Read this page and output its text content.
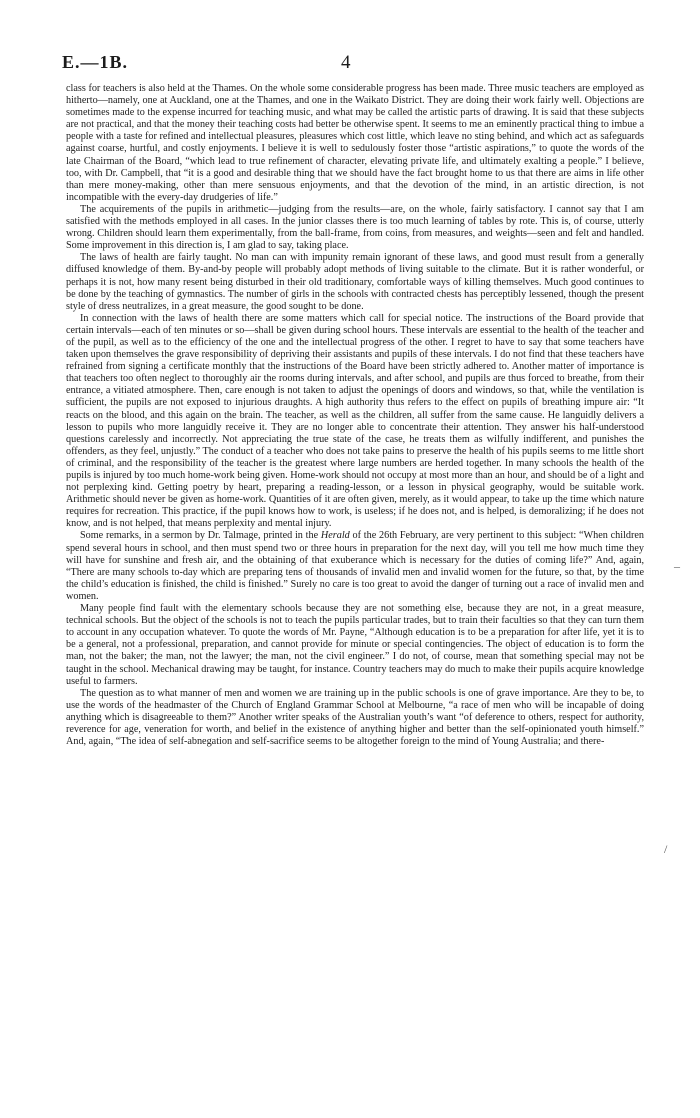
E.—1B.	4

class for teachers is also held at the Thames. On the whole some considerable progress has been made. Three music teachers are employed as hitherto—namely, one at Auckland, one at the Thames, and one in the Waikato District. They are doing their work fairly well. Objections are sometimes made to the expense incurred for teaching music, and what may be called the artistic parts of drawing. It is said that these subjects are not practical, and that the money their teaching costs had better be otherwise spent. It seems to me an eminently practical thing to imbue a people with a taste for refined and intellectual pleasures, pleasures which cost little, which leave no sting behind, and which act as safeguards against coarse, hurtful, and costly enjoyments. I believe it is well to sedulously foster those “artistic aspirations,” to quote the words of the late Chairman of the Board, “which lead to true refinement of character, elevating private life, and ultimately exalting a people.” I believe, too, with Dr. Campbell, that “it is a good and desirable thing that we should have the fact brought home to us that there are aims in life other than mere money-making, other than mere sensuous enjoyments, and that the devotion of the mind, in an artistic direction, is not incompatible with the every-day drudgeries of life.”

The acquirements of the pupils in arithmetic—judging from the results—are, on the whole, fairly satisfactory. I cannot say that I am satisfied with the methods employed in all cases. In the junior classes there is too much learning of tables by rote. This is, of course, utterly wrong. Children should learn them experimentally, from the ball-frame, from coins, from measures, and weights—seen and felt and handled. Some improvement in this direction is, I am glad to say, taking place.

The laws of health are fairly taught. No man can with impunity remain ignorant of these laws, and good must result from a generally diffused knowledge of them. By-and-by people will probably adopt methods of living suitable to the climate. But it is rather wonderful, or perhaps it is not, how many resent being disturbed in their old traditionary, comfortable ways of killing themselves. Much good continues to be done by the teaching of gymnastics. The number of girls in the schools with contracted chests has perceptibly lessened, though the present style of dress neutralizes, in a great measure, the good sought to be done.

In connection with the laws of health there are some matters which call for special notice. The instructions of the Board provide that certain intervals—each of ten minutes or so—shall be given during school hours. These intervals are essential to the health of the teacher and of the pupil, as well as to the efficiency of the one and the intellectual progress of the other. I regret to have to say that some teachers have taken upon themselves the grave responsibility of depriving their assistants and pupils of these intervals. I do not find that these teachers have refrained from signing a certificate monthly that the instructions of the Board have been strictly adhered to. Another matter of importance is that teachers too often neglect to thoroughly air the rooms during intervals, and after school, and pupils are thus forced to breathe, from their entrance, a vitiated atmosphere. Then, care enough is not taken to adjust the openings of doors and windows, so that, while the ventilation is sufficient, the pupils are not exposed to injurious draughts. A high authority thus refers to the effect on pupils of breathing impure air: “It reacts on the blood, and this again on the brain. The teacher, as well as the children, all suffer from the same cause. He languidly delivers a lesson to pupils who more languidly receive it. They are no longer able to concentrate their attention. They answer his half-understood questions carelessly and incorrectly. Not appreciating the true state of the case, he treats them as wilfully indifferent, and punishes the offenders, as they feel, unjustly.” The conduct of a teacher who does not take pains to preserve the health of his pupils seems to me little short of criminal, and the responsibility of the teacher is the greatest where large numbers are herded together. In many schools the health of the pupils is injured by too much home-work being given. Home-work should not occupy at most more than an hour, and should be of a light and not perplexing kind. Getting poetry by heart, preparing a reading-lesson, or a lesson in physical geography, would be suitable work. Arithmetic should never be given as home-work. Quantities of it are often given, merely, as it would appear, to take up the time which nature requires for recreation. This practice, if the pupil knows how to work, is useless; if he does not, and is helped, is demoralizing; if he does not know, and is not helped, that means perplexity and mental injury.

Some remarks, in a sermon by Dr. Talmage, printed in the Herald of the 26th February, are very pertinent to this subject: “When children spend several hours in school, and then must spend two or three hours in preparation for the next day, will you tell me how much time they will have for sunshine and fresh air, and the obtaining of that exuberance which is necessary for the duties of coming life?” And, again, “There are many schools to-day which are preparing tens of thousands of invalid men and invalid women for the future, so that, by the time the child’s education is finished, the child is finished.” Surely no care is too great to avoid the danger of turning out a race of invalid men and women.

Many people find fault with the elementary schools because they are not something else, because they are not, in a great measure, technical schools. But the object of the schools is not to teach the pupils particular trades, but to train their faculties so that they can turn them to account in any occupation whatever. To quote the words of Mr. Payne, “Although education is to be a preparation for after life, yet it is to be a general, not a professional, preparation, and cannot provide for minute or special contingencies. The object of education is to form the man, not the baker; the man, not the lawyer; the man, not the civil engineer.” I do not, of course, mean that something special may not be taught in the school. Mechanical drawing may be taught, for instance. Country teachers may do much to make their pupils acquire knowledge useful to farmers.

The question as to what manner of men and women we are training up in the public schools is one of grave importance. Are they to be, to use the words of the headmaster of the Church of England Grammar School at Melbourne, “a race of men who will be incapable of doing anything which is disagreeable to them?” Another writer speaks of the Australian youth’s want “of deference to others, respect for authority, reverence for age, veneration for worth, and belief in the existence of anything higher and better than the self-opinionated youth himself.” And, again, “The idea of self-abnegation and self-sacrifice seems to be altogether foreign to the mind of Young Australia; and there-

–
/
